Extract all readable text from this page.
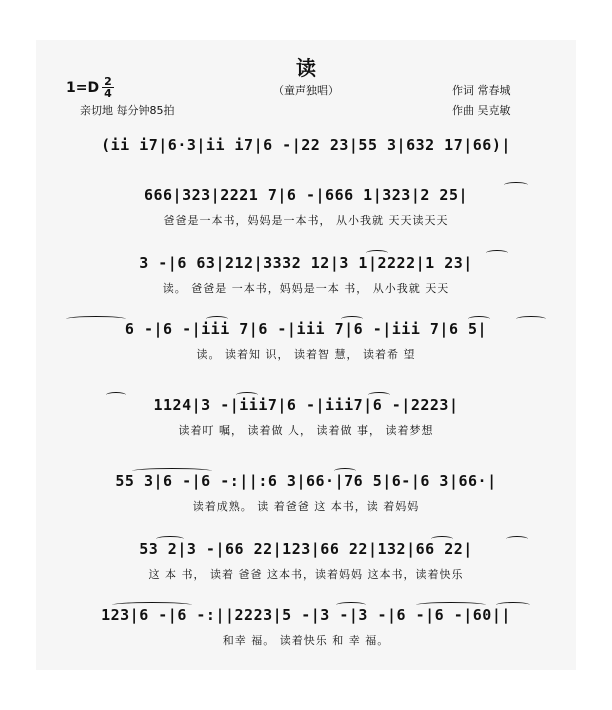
读
（童声独唱）
1=D 2
4
亲切地 每分钟85拍
作词 常春城
作曲 吴克敏
(ii i7|6·3|ii i7|6 -|22 23|55 3|632 17|66)|
666|323|2221 7|6 -|666 1|323|2 25|
爸爸是一本书，妈妈是一本书， 从小我就 天天读天天
3 -|6 63|212|3332 12|3 1|2222|1 23|
读。 爸爸是 一本书，妈妈是一本 书， 从小我就 天天
6 -|6 -|iii 7|6 -|iii 7|6 -|iii 7|6 5|
读。 读着知 识， 读着智 慧， 读着希 望
1124|3 -|iii7|6 -|iii7|6 -|2223|
读着叮 嘱， 读着做 人， 读着做 事， 读着梦想
55 3|6 -|6 -:||:6 3|66·|76 5|6-|6 3|66·|
读着成熟。 读 着爸爸 这 本书，读 着妈妈
53 2|3 -|66 22|123|66 22|132|66 22|
这 本 书， 读着 爸爸 这本书，读着妈妈 这本书，读着快乐
123|6 -|6 -:||2223|5 -|3 -|3 -|6 -|6 -|60||
和幸 福。 读着快乐 和 幸 福。
